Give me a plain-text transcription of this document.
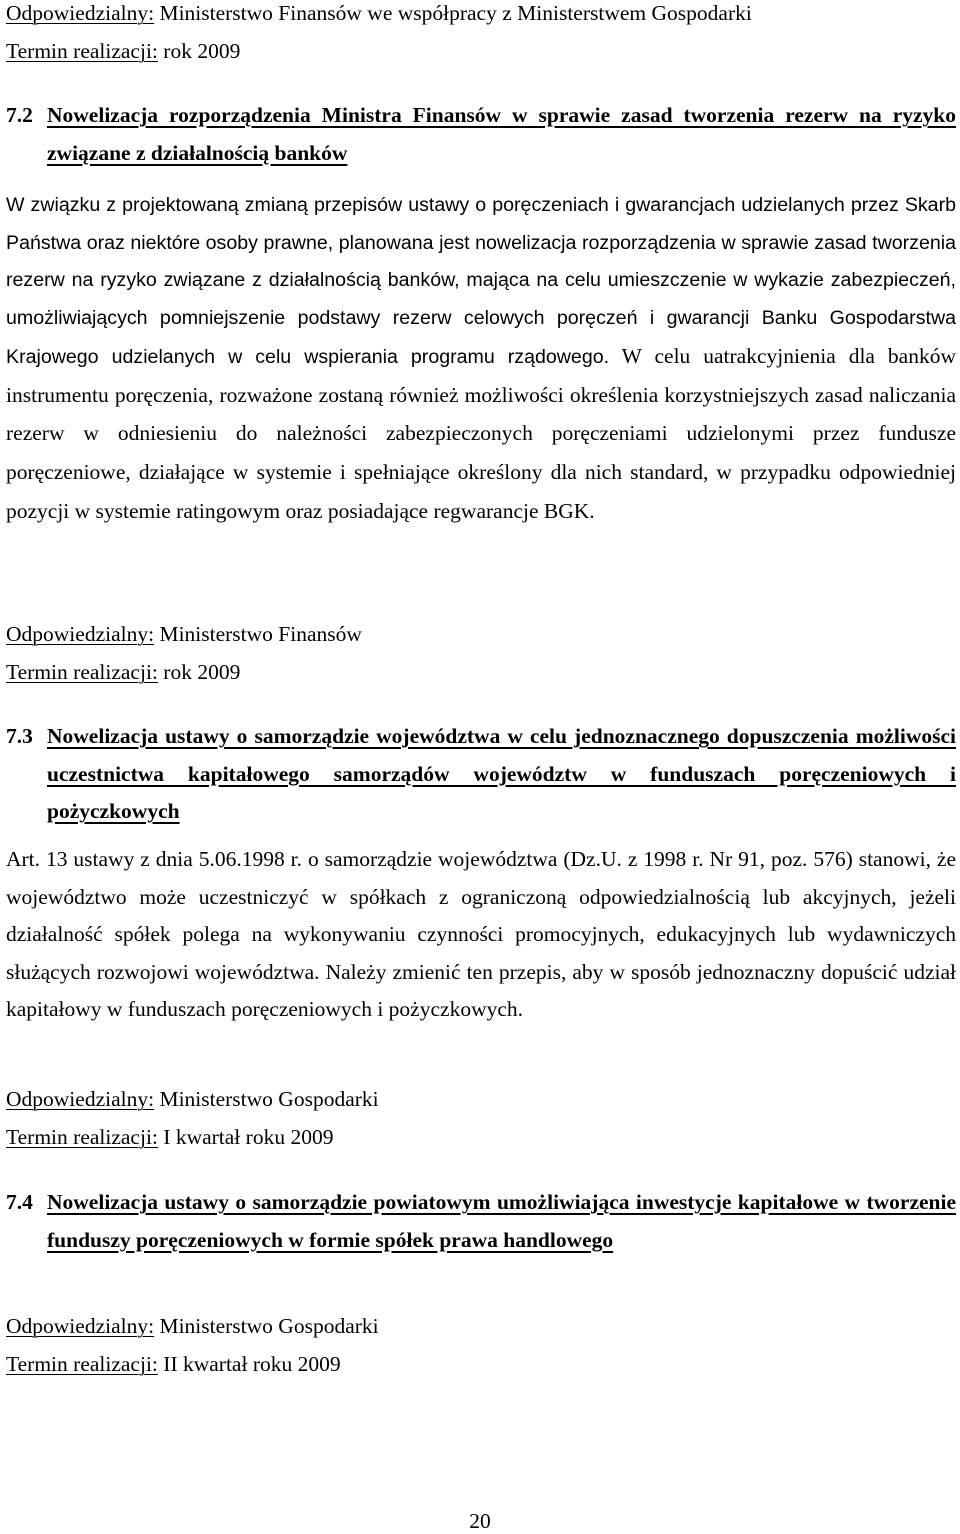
Odpowiedzialny: Ministerstwo Finansów we współpracy z Ministerstwem Gospodarki
Termin realizacji: rok 2009
7.2 Nowelizacja rozporządzenia Ministra Finansów w sprawie zasad tworzenia rezerw na ryzyko związane z działalnością banków
W związku z projektowaną zmianą przepisów ustawy o poręczeniach i gwarancjach udzielanych przez Skarb Państwa oraz niektóre osoby prawne, planowana jest nowelizacja rozporządzenia w sprawie zasad tworzenia rezerw na ryzyko związane z działalnością banków, mająca na celu umieszczenie w wykazie zabezpieczeń, umożliwiających pomniejszenie podstawy rezerw celowych poręczeń i gwarancji Banku Gospodarstwa Krajowego udzielanych w celu wspierania programu rządowego. W celu uatrakcyjnienia dla banków instrumentu poręczenia, rozważone zostaną również możliwości określenia korzystniejszych zasad naliczania rezerw w odniesieniu do należności zabezpieczonych poręczeniami udzielonymi przez fundusze poręczeniowe, działające w systemie i spełniające określony dla nich standard, w przypadku odpowiedniej pozycji w systemie ratingowym oraz posiadające regwarancje BGK.
Odpowiedzialny: Ministerstwo Finansów
Termin realizacji: rok 2009
7.3 Nowelizacja ustawy o samorządzie województwa w celu jednoznacznego dopuszczenia możliwości uczestnictwa kapitałowego samorządów województw w funduszach poręczeniowych i pożyczkowych
Art. 13 ustawy z dnia 5.06.1998 r. o samorządzie województwa (Dz.U. z 1998 r. Nr 91, poz. 576) stanowi, że województwo może uczestniczyć w spółkach z ograniczoną odpowiedzialnością lub akcyjnych, jeżeli działalność spółek polega na wykonywaniu czynności promocyjnych, edukacyjnych lub wydawniczych służących rozwojowi województwa. Należy zmienić ten przepis, aby w sposób jednoznaczny dopuścić udział kapitałowy w funduszach poręczeniowych i pożyczkowych.
Odpowiedzialny: Ministerstwo Gospodarki
Termin realizacji: I kwartał roku 2009
7.4 Nowelizacja ustawy o samorządzie powiatowym umożliwiająca inwestycje kapitałowe w tworzenie funduszy poręczeniowych w formie spółek prawa handlowego
Odpowiedzialny: Ministerstwo Gospodarki
Termin realizacji: II kwartał roku 2009
20
